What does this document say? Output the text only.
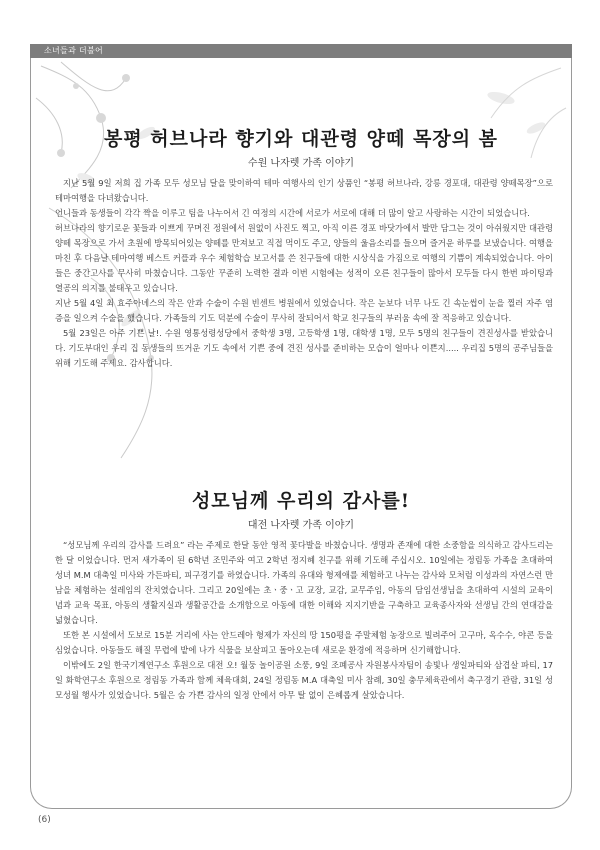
소녀들과 더불어
봉평 허브나라 향기와 대관령 양떼 목장의 봄

수원 나자렛 가족 이야기

지난 5월 9일 저희 집 가족 모두 성모님 달을 맞이하여 테마 여행사의 인기 상품인 “봉평 허브나라, 강릉 경포대, 대관령 양떼목장”으로 테마여행을 다녀왔습니다.

언니들과 동생들이 각각 짝을 이루고 팀을 나누어서 긴 여정의 시간에 서로가 서로에 대해 더 많이 알고 사랑하는 시간이 되었습니다.

허브나라의 향기로운 꽃들과 이쁘게 꾸며진 정원에서 원없이 사진도 찍고, 아직 이른 경포 바닷가에서 발만 담그는 것이 아쉬웠지만 대관령 양떼 목장으로 가서 초원에 방목되어있는 양떼를 만져보고 직접 먹이도 주고, 양들의 울음소리를 들으며 즐거운 하루를 보냈습니다. 여행을 마친 후 다음날 테마여행 베스트 커플과 우수 체험학습 보고서를 쓴 친구들에 대한 시상식을 가짐으로 여행의 기쁨이 계속되었습니다. 아이들은 중간고사를 무사히 마쳤습니다. 그동안 꾸준히 노력한 결과 이번 시험에는 성적이 오른 친구들이 많아서 모두들 다시 한번 파이팅과 열공의 의지를 불태우고 있습니다.

지난 5월 4일 최 효주아녜스의 작은 안과 수술이 수원 빈센트 병원에서 있었습니다. 작은 눈보다 너무 나도 긴 속눈썹이 눈을 찔러 자주 염증을 일으켜 수술을 했습니다. 가족들의 기도 덕분에 수술이 무사히 잘되어서 학교 친구들의 부러움 속에 잘 적응하고 있습니다.

5월 23일은 아주 기쁜 날!. 수원 영통성령성당에서 중학생 3명, 고등학생 1명, 대학생 1명, 모두 5명의 친구들이 견진성사를 받았습니다. 기도부대인 우리 집 동생들의 뜨거운 기도 속에서 기쁜 중에 견진 성사를 준비하는 모습이 얼마나 이쁜지..... 우리집 5명의 공주님들을 위해 기도해 주세요. 감사합니다.

성모님께 우리의 감사를!

대전 나자렛 가족 이야기

“성모님께 우리의 감사를 드려요” 라는 주제로 한달 동안 영적 꽃다발을 바쳤습니다. 생명과 존재에 대한 소중함을 의식하고 감사드리는 한 달 이었습니다. 먼저 새가족이 된 6학년 조민주와 여고 2학년 정지혜 친구를 위해 기도해 주십시오. 10일에는 정림동 가족을 초대하여 성녀 M.M 대축일 미사와 가든파티, 피구경기를 하였습니다. 가족의 유대와 형제애를 체험하고 나누는 감사와 모처럼 이성과의 자연스런 만남을 체험하는 설레임의 잔치였습니다. 그리고 20일에는 초ㆍ중ㆍ고 교장, 교감, 교무주임, 아동의 담임선생님을 초대하여 시설의 교육이념과 교육 목표, 아동의 생활지실과 생활공간을 소개함으로 아동에 대한 이해와 지지기반을 구축하고 교육종사자와 선생님 간의 연대감을 넓혔습니다.

또한 본 시설에서 도보로 15분 거리에 사는 안드레아 형제가 자신의 땅 150평을 주말체험 농장으로 빌려주어 고구마, 옥수수, 야콘 등을 심었습니다. 아동들도 해질 무렵에 밭에 나가 식물을 보살피고 돌아오는데 새로운 환경에 적응하며 신기해합니다.

이밖에도 2일 한국기계연구소 후원으로 대전 오! 월둥 놀이공원 소풍, 9일 조폐공사 자원봉사자팀이 송빛나 생일파티와 삼겹살 파티, 17일 화학연구소 후원으로 정림동 가족과 함께 체육대회, 24일 정림동 M.A 대축일 미사 참례, 30일 충무체육관에서 축구경기 관람, 31일 성모성월 행사가 있었습니다. 5월은 숨 가쁜 감사의 일정 안에서 아무 탈 없이 은혜롭게 살았습니다.

(6)
